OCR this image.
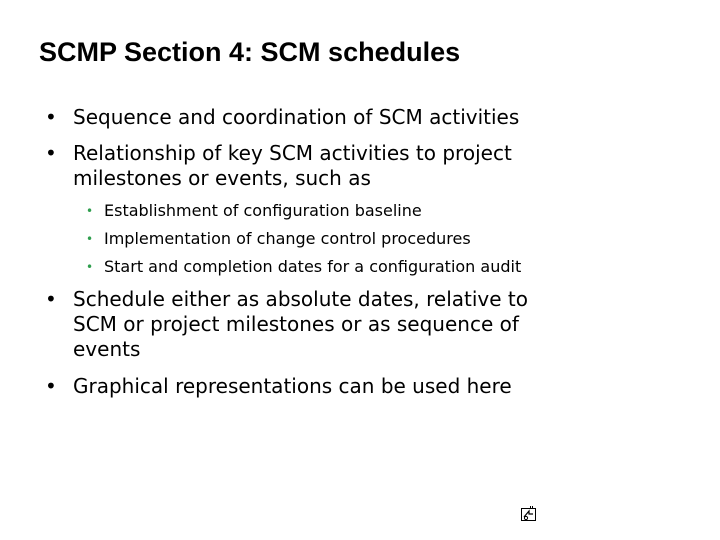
SCMP Section 4: SCM schedules
• Sequence and coordination of SCM activities
• Relationship of key SCM activities to project
milestones or events, such as
• Establishment of configuration baseline
• Implementation of change control procedures
• Start and completion dates for a configuration audit
• Schedule either as absolute dates, relative to
SCM or project milestones or as sequence of
events
• Graphical representations can be used here
